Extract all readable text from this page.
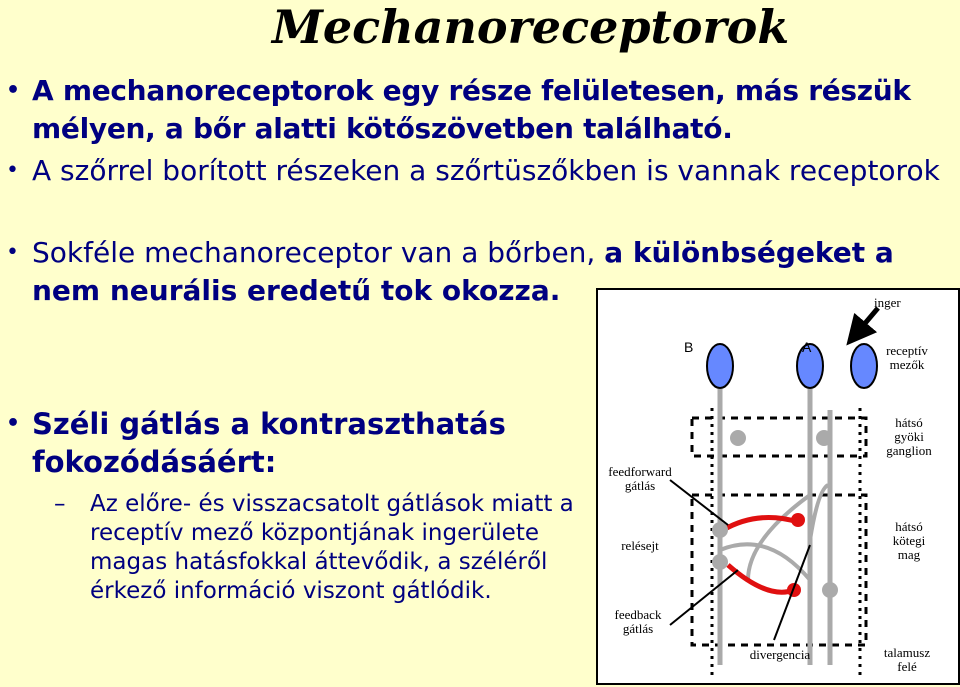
Mechanoreceptorok
• A mechanoreceptorok egy része felületesen, más részük mélyen, a bőr alatti kötőszövetben található.
• A szőrrel borított részeken a szőrtüszőkben is vannak receptorok
• Sokféle mechanoreceptor van a bőrben, a különbségeket a nem neurális eredetű tok okozza.
• Széli gátlás a kontraszthatás fokozódásáért:
–	Az előre- és visszacsatolt gátlások miatt a receptív mező központjának ingerülete magas hatásfokkal áttevődik, a széléről érkező információ viszont gátlódik.
inger
B	A	receptív
mezők
hátsó
gyöki
ganglion
feedforward
gátlás
relésejt
feedback
gátlás
hátsó
kötegi
mag
divergencia	talamusz
felé
